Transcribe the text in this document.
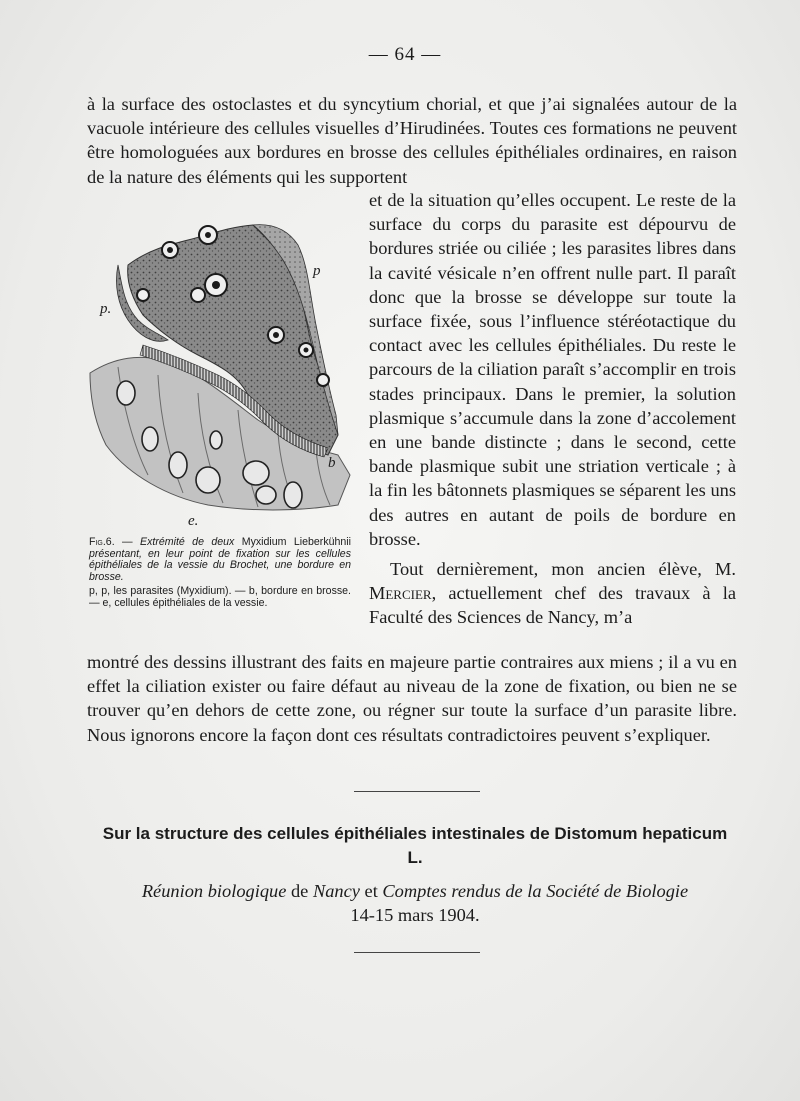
— 64 —

à la surface des ostoclastes et du syncytium chorial, et que j’ai signalées autour de la vacuole intérieure des cellules visuelles d’Hirudinées. Toutes ces formations ne peuvent être homologuées aux bordures en brosse des cellules épithéliales ordinaires, en raison de la nature des éléments qui les supportent

p.
p
b
e.

Fig.6. — Extrémité de deux Myxidium Lieberkühnii présentant, en leur point de fixation sur les cellules épithéliales de la vessie du Brochet, une bordure en brosse.

p, p, les parasites (Myxidium). — b, bordure en brosse. — e, cellules épithéliales de la vessie.

et de la situation qu’elles occupent. Le reste de la surface du corps du parasite est dépourvu de bordures striée ou ciliée ; les parasites libres dans la cavité vésicale n’en offrent nulle part. Il paraît donc que la brosse se développe sur toute la surface fixée, sous l’influence stéréotactique du contact avec les cellules épithéliales. Du reste le parcours de la ciliation paraît s’accomplir en trois stades principaux. Dans le premier, la solution plasmique s’accumule dans la zone d’accolement en une bande distincte ; dans le second, cette bande plasmique subit une striation verticale ; à la fin les bâtonnets plasmiques se séparent les uns des autres en autant de poils de bordure en brosse.

Tout dernièrement, mon ancien élève, M. Mercier, actuellement chef des travaux à la Faculté des Sciences de Nancy, m’a

montré des dessins illustrant des faits en majeure partie contraires aux miens ; il a vu en effet la ciliation exister ou faire défaut au niveau de la zone de fixation, ou bien ne se trouver qu’en dehors de cette zone, ou régner sur toute la surface d’un parasite libre. Nous ignorons encore la façon dont ces résultats contradictoires peuvent s’expliquer.

Sur la structure des cellules épithéliales intestinales de Distomum hepaticum L.
Réunion biologique de Nancy et Comptes rendus de la Société de Biologie
14-15 mars 1904.
